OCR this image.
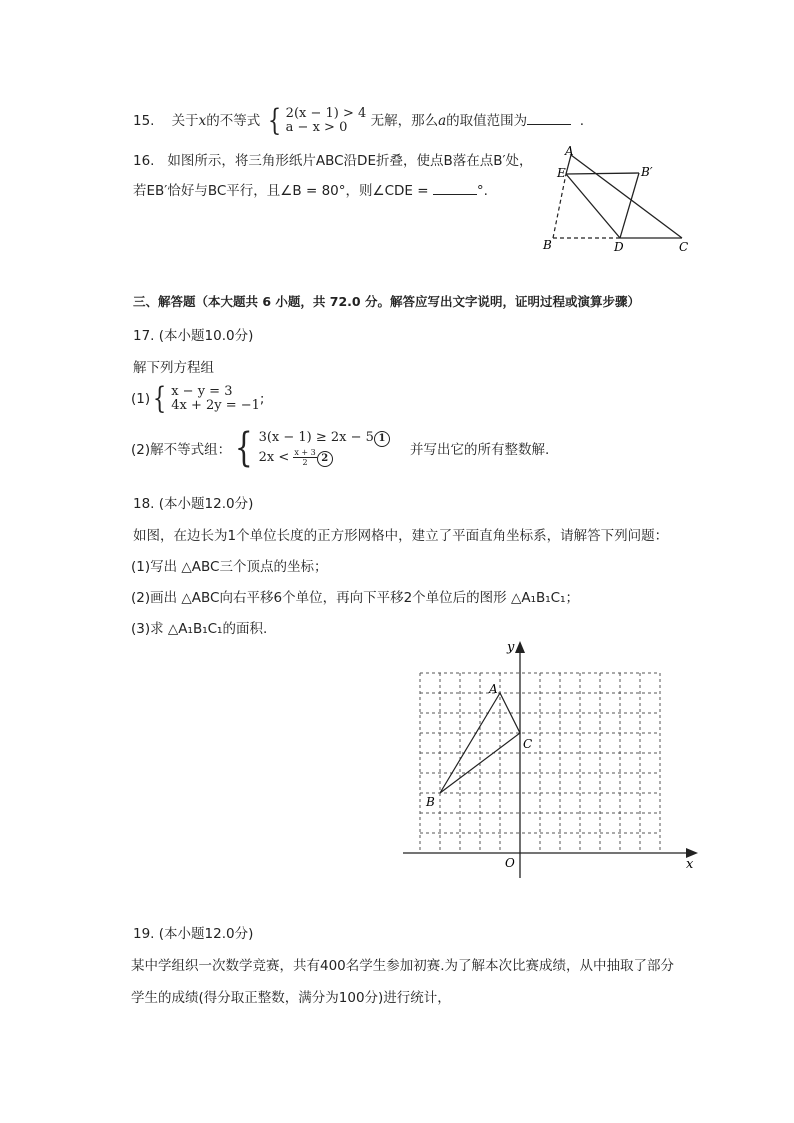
15. 关于x的不等式 { 2(x − 1) > 4
a − x > 0	无解，那么a的取值范围为	.
16. 如图所示，将三角形纸片ABC沿DE折叠，使点B落在点B′处，
若EB′恰好与BC平行，且∠B = 80°，则∠CDE =	°.
A
E	B′
B	D	C
三、解答题（本大题共 6 小题，共 72.0 分。解答应写出文字说明，证明过程或演算步骤）
17. (本小题10.0分)
解下列方程组
(1) { x − y = 3
4x + 2y = −1 ;
(2)解不等式组： { 3(x − 1) ≥ 2x − 5 1
$2x < \frac{x + 3}{2} 2$
并写出它的所有整数解.
18. (本小题12.0分)
如图，在边长为1个单位长度的正方形网格中，建立了平面直角坐标系，请解答下列问题：
(1)写出 △ABC三个顶点的坐标；
(2)画出 △ABC向右平移6个单位，再向下平移2个单位后的图形 △A₁B₁C₁；
(3)求 △A₁B₁C₁的面积.
y
x
O
A
B
C
19. (本小题12.0分)
某中学组织一次数学竞赛，共有400名学生参加初赛.为了解本次比赛成绩，从中抽取了部分
学生的成绩(得分取正整数，满分为100分)进行统计，
